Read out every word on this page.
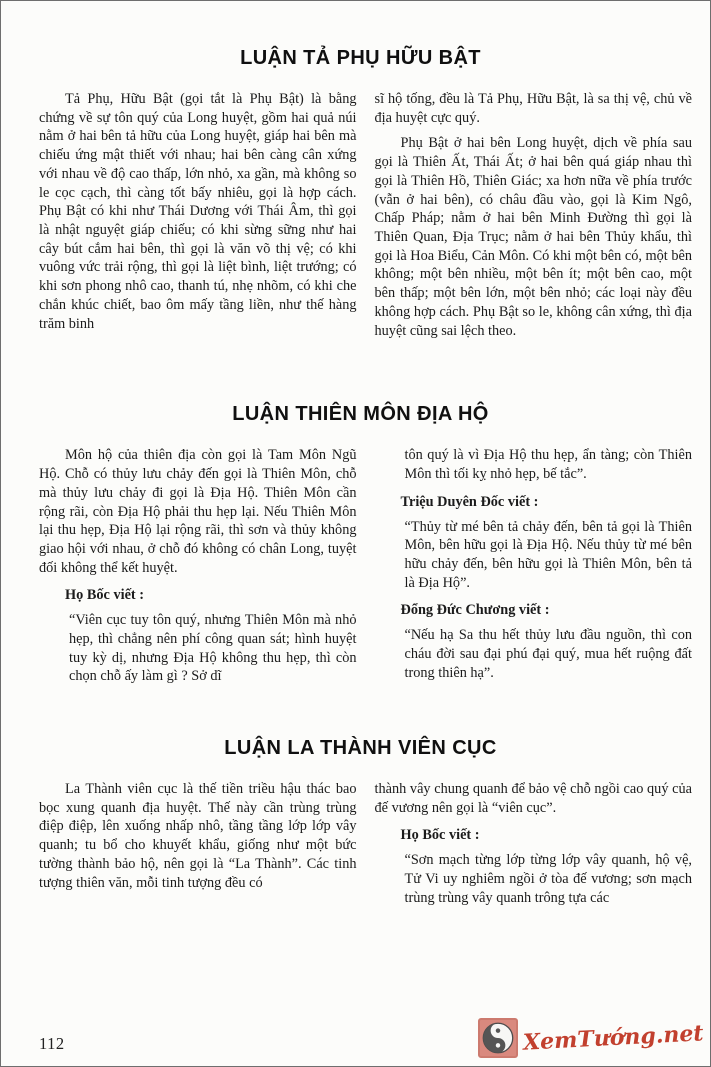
LUẬN TẢ PHỤ HỮU BẬT

Tả Phụ, Hữu Bật (gọi tắt là Phụ Bật) là bằng chứng về sự tôn quý của Long huyệt, gồm hai quả núi nằm ở hai bên tả hữu của Long huyệt, giáp hai bên mà chiếu ứng mật thiết với nhau; hai bên càng cân xứng với nhau về độ cao thấp, lớn nhỏ, xa gần, mà không so le cọc cạch, thì càng tốt bấy nhiêu, gọi là hợp cách. Phụ Bật có khi như Thái Dương với Thái Âm, thì gọi là nhật nguyệt giáp chiếu; có khi sừng sững như hai cây bút cắm hai bên, thì gọi là văn võ thị vệ; có khi vuông vức trải rộng, thì gọi là liệt bình, liệt trướng; có khi sơn phong nhô cao, thanh tú, nhẹ nhõm, có khi che chắn khúc chiết, bao ôm mấy tầng liền, như thế hàng trăm binh

sĩ hộ tống, đều là Tả Phụ, Hữu Bật, là sa thị vệ, chủ về địa huyệt cực quý.

Phụ Bật ở hai bên Long huyệt, dịch về phía sau gọi là Thiên Ất, Thái Ất; ở hai bên quá giáp nhau thì gọi là Thiên Hồ, Thiên Giác; xa hơn nữa về phía trước (vẫn ở hai bên), có châu đầu vào, gọi là Kim Ngô, Chấp Pháp; nằm ở hai bên Minh Đường thì gọi là Thiên Quan, Địa Trục; nằm ở hai bên Thủy khẩu, thì gọi là Hoa Biểu, Cản Môn. Có khi một bên có, một bên không; một bên nhiều, một bên ít; một bên cao, một bên thấp; một bên lớn, một bên nhỏ; các loại này đều không hợp cách. Phụ Bật so le, không cân xứng, thì địa huyệt cũng sai lệch theo.

LUẬN THIÊN MÔN ĐỊA HỘ

Môn hộ của thiên địa còn gọi là Tam Môn Ngũ Hộ. Chỗ có thủy lưu chảy đến gọi là Thiên Môn, chỗ mà thủy lưu chảy đi gọi là Địa Hộ. Thiên Môn cần rộng rãi, còn Địa Hộ phải thu hẹp lại. Nếu Thiên Môn lại thu hẹp, Địa Hộ lại rộng rãi, thì sơn và thủy không giao hội với nhau, ở chỗ đó không có chân Long, tuyệt đối không thể kết huyệt.

Họ Bốc viết :

“Viên cục tuy tôn quý, nhưng Thiên Môn mà nhỏ hẹp, thì chẳng nên phí công quan sát; hình huyệt tuy kỳ dị, nhưng Địa Hộ không thu hẹp, thì còn chọn chỗ ấy làm gì ? Sở dĩ

tôn quý là vì Địa Hộ thu hẹp, ẩn tàng; còn Thiên Môn thì tối kỵ nhỏ hẹp, bế tắc”.

Triệu Duyên Đốc viết :

“Thủy từ mé bên tả chảy đến, bên tả gọi là Thiên Môn, bên hữu gọi là Địa Hộ. Nếu thủy từ mé bên hữu chảy đến, bên hữu gọi là Thiên Môn, bên tả là Địa Hộ”.

Đổng Đức Chương viết :

“Nếu hạ Sa thu hết thủy lưu đầu nguồn, thì con cháu đời sau đại phú đại quý, mua hết ruộng đất trong thiên hạ”.

LUẬN LA THÀNH VIÊN CỤC

La Thành viên cục là thế tiền triều hậu thác bao bọc xung quanh địa huyệt. Thế này cần trùng trùng điệp điệp, lên xuống nhấp nhô, tầng tầng lớp lớp vây quanh; tu bổ cho khuyết khẩu, giống như một bức tường thành bảo hộ, nên gọi là “La Thành”. Các tinh tượng thiên văn, mỗi tinh tượng đều có

thành vây chung quanh để bảo vệ chỗ ngồi cao quý của đế vương nên gọi là “viên cục”.

Họ Bốc viết :

“Sơn mạch từng lớp từng lớp vây quanh, hộ vệ, Tử Vi uy nghiêm ngồi ở tòa đế vương; sơn mạch trùng trùng vây quanh trông tựa các

112	XemTướng.net
